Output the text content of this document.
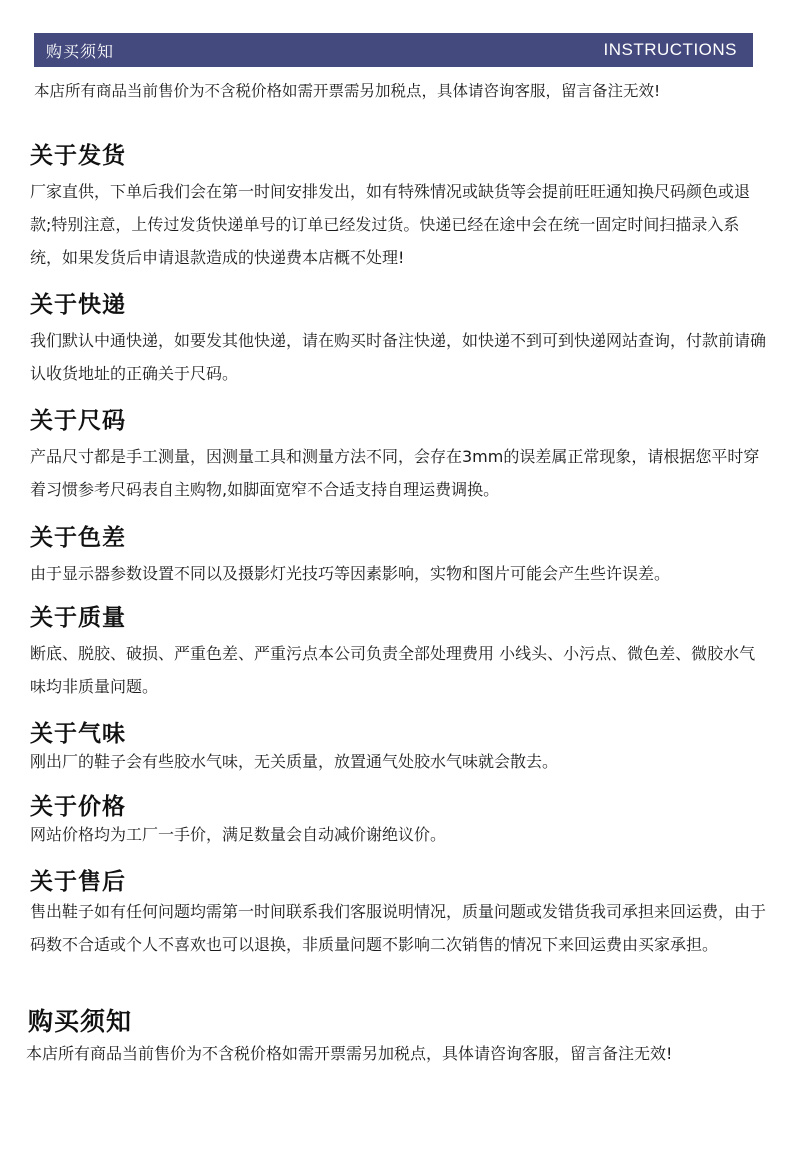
购买须知	INSTRUCTIONS
本店所有商品当前售价为不含税价格如需开票需另加税点，具体请咨询客服，留言备注无效!
关于发货

厂家直供，下单后我们会在第一时间安排发出，如有特殊情况或缺货等会提前旺旺通知换尺码颜色或退款;特别注意，上传过发货快递单号的订单已经发过货。快递已经在途中会在统一固定时间扫描录入系统，如果发货后申请退款造成的快递费本店概不处理!

关于快递

我们默认中通快递，如要发其他快递，请在购买时备注快递，如快递不到可到快递网站查询，付款前请确认收货地址的正确关于尺码。

关于尺码

产品尺寸都是手工测量，因测量工具和测量方法不同，会存在3mm的误差属正常现象，请根据您平时穿着习惯参考尺码表自主购物,如脚面宽窄不合适支持自理运费调换。

关于色差

由于显示器参数设置不同以及摄影灯光技巧等因素影响，实物和图片可能会产生些许误差。

关于质量

断底、脱胶、破损、严重色差、严重污点本公司负责全部处理费用 小线头、小污点、微色差、微胶水气味均非质量问题。

关于气味

刚出厂的鞋子会有些胶水气味，无关质量，放置通气处胶水气味就会散去。

关于价格

网站价格均为工厂一手价，满足数量会自动减价谢绝议价。

关于售后

售出鞋子如有任何问题均需第一时间联系我们客服说明情况，质量问题或发错货我司承担来回运费，由于码数不合适或个人不喜欢也可以退换，非质量问题不影响二次销售的情况下来回运费由买家承担。

购买须知

本店所有商品当前售价为不含税价格如需开票需另加税点，具体请咨询客服，留言备注无效!
